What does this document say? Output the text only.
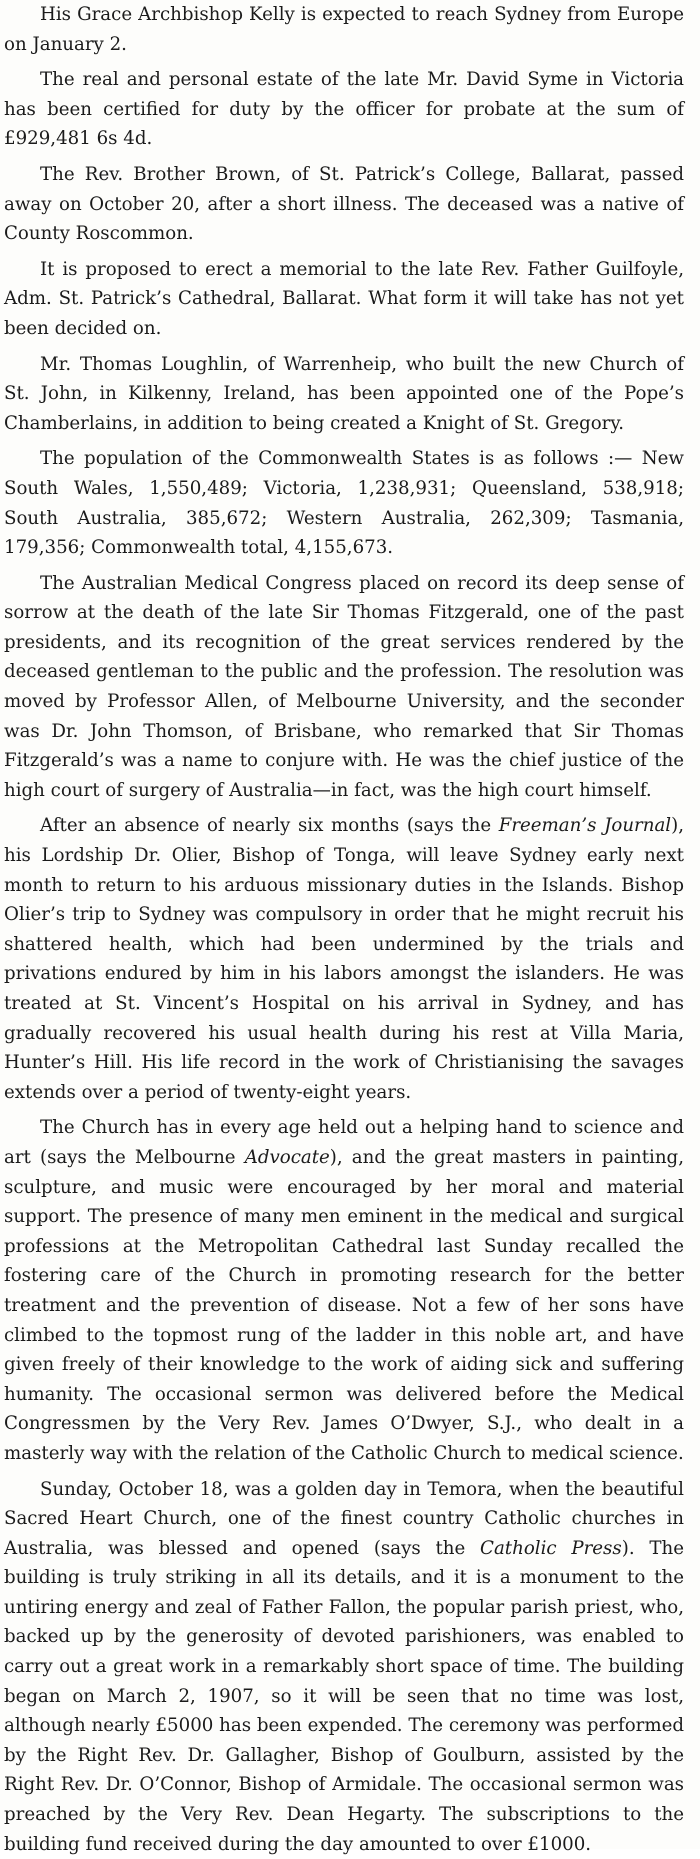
His Grace Archbishop Kelly is expected to reach Sydney from Europe on January 2.

The real and personal estate of the late Mr. David Syme in Victoria has been certified for duty by the officer for probate at the sum of £929,481 6s 4d.

The Rev. Brother Brown, of St. Patrick’s College, Ballarat, passed away on October 20, after a short illness. The deceased was a native of County Roscommon.

It is proposed to erect a memorial to the late Rev. Father Guilfoyle, Adm. St. Patrick’s Cathedral, Ballarat. What form it will take has not yet been decided on.

Mr. Thomas Loughlin, of Warrenheip, who built the new Church of St. John, in Kilkenny, Ireland, has been appointed one of the Pope’s Chamberlains, in addition to being created a Knight of St. Gregory.

The population of the Commonwealth States is as follows :— New South Wales, 1,550,489; Victoria, 1,238,931; Queensland, 538,918; South Australia, 385,672; Western Australia, 262,309; Tasmania, 179,356; Commonwealth total, 4,155,673.

The Australian Medical Congress placed on record its deep sense of sorrow at the death of the late Sir Thomas Fitzgerald, one of the past presidents, and its recognition of the great services rendered by the deceased gentleman to the public and the profession. The resolution was moved by Professor Allen, of Melbourne University, and the seconder was Dr. John Thomson, of Brisbane, who remarked that Sir Thomas Fitzgerald’s was a name to conjure with. He was the chief justice of the high court of surgery of Australia—in fact, was the high court himself.

After an absence of nearly six months (says the Freeman’s Journal), his Lordship Dr. Olier, Bishop of Tonga, will leave Sydney early next month to return to his arduous missionary duties in the Islands. Bishop Olier’s trip to Sydney was compulsory in order that he might recruit his shattered health, which had been undermined by the trials and privations endured by him in his labors amongst the islanders. He was treated at St. Vincent’s Hospital on his arrival in Sydney, and has gradually recovered his usual health during his rest at Villa Maria, Hunter’s Hill. His life record in the work of Christianising the savages extends over a period of twenty-eight years.

The Church has in every age held out a helping hand to science and art (says the Melbourne Advocate), and the great masters in painting, sculpture, and music were encouraged by her moral and material support. The presence of many men eminent in the medical and surgical professions at the Metropolitan Cathedral last Sunday recalled the fostering care of the Church in promoting research for the better treatment and the prevention of disease. Not a few of her sons have climbed to the topmost rung of the ladder in this noble art, and have given freely of their knowledge to the work of aiding sick and suffering humanity. The occasional sermon was delivered before the Medical Congressmen by the Very Rev. James O’Dwyer, S.J., who dealt in a masterly way with the relation of the Catholic Church to medical science.

Sunday, October 18, was a golden day in Temora, when the beautiful Sacred Heart Church, one of the finest country Catholic churches in Australia, was blessed and opened (says the Catholic Press). The building is truly striking in all its details, and it is a monument to the untiring energy and zeal of Father Fallon, the popular parish priest, who, backed up by the generosity of devoted parishioners, was enabled to carry out a great work in a remarkably short space of time. The building began on March 2, 1907, so it will be seen that no time was lost, although nearly £5000 has been expended. The ceremony was performed by the Right Rev. Dr. Gallagher, Bishop of Goulburn, assisted by the Right Rev. Dr. O’Connor, Bishop of Armidale. The occasional sermon was preached by the Very Rev. Dean Hegarty. The subscriptions to the building fund received during the day amounted to over £1000.
